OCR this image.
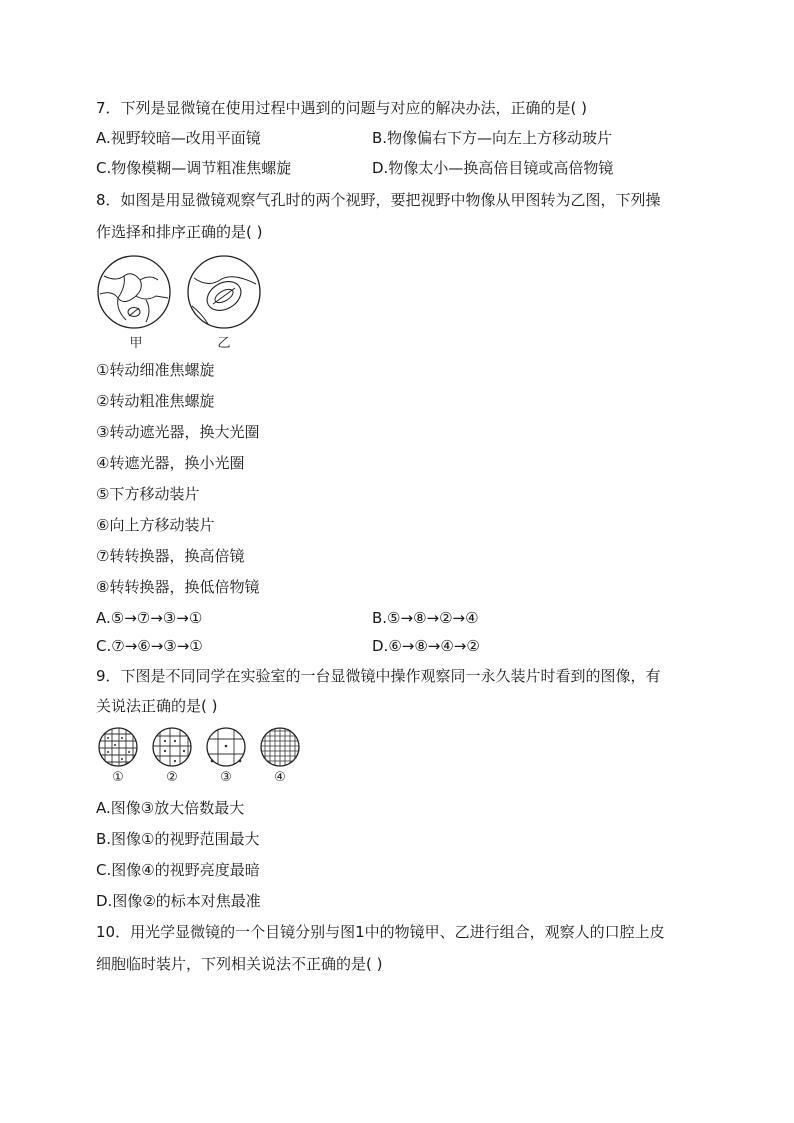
7．下列是显微镜在使用过程中遇到的问题与对应的解决办法，正确的是( )
A.视野较暗—改用平面镜	B.物像偏右下方—向左上方移动玻片
C.物像模糊—调节粗准焦螺旋	D.物像太小—换高倍目镜或高倍物镜
8．如图是用显微镜观察气孔时的两个视野，要把视野中物像从甲图转为乙图，下列操
作选择和排序正确的是( )
甲	乙
①转动细准焦螺旋
②转动粗准焦螺旋
③转动遮光器，换大光圈
④转遮光器，换小光圈
⑤下方移动装片
⑥向上方移动装片
⑦转转换器，换高倍镜
⑧转转换器，换低倍物镜
A.⑤→⑦→③→①	B.⑤→⑧→②→④
C.⑦→⑥→③→①	D.⑥→⑧→④→②
9．下图是不同同学在实验室的一台显微镜中操作观察同一永久装片时看到的图像，有
关说法正确的是( )
①	②	③	④
A.图像③放大倍数最大
B.图像①的视野范围最大
C.图像④的视野亮度最暗
D.图像②的标本对焦最准
10．用光学显微镜的一个目镜分别与图1中的物镜甲、乙进行组合，观察人的口腔上皮
细胞临时装片，下列相关说法不正确的是( )
